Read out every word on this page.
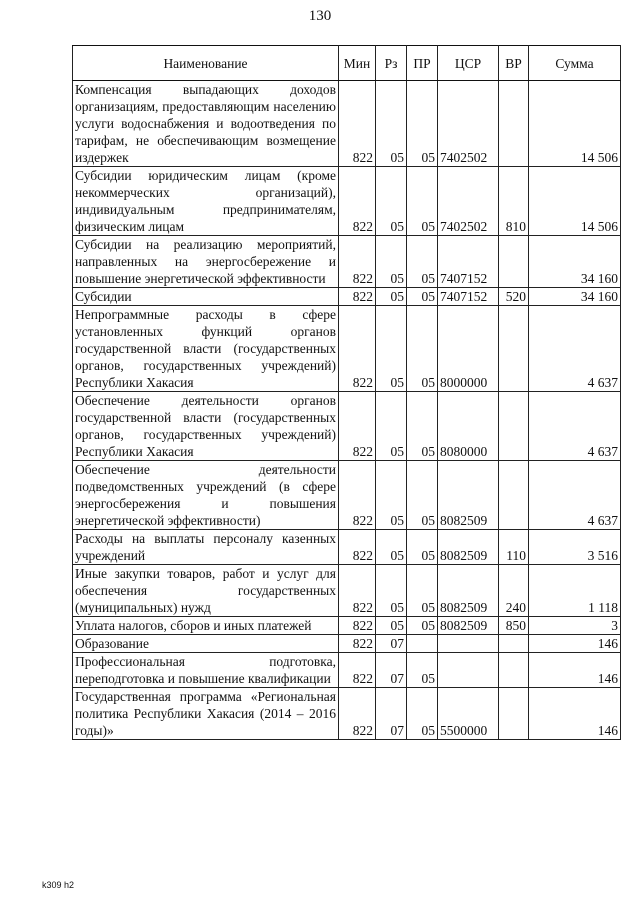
130
Наименование	Мин	Рз	ПР	ЦСР	ВР	Сумма
Компенсация выпадающих доходов организациям, предоставляющим населению услуги водоснабжения и водоотведения по тарифам, не обеспечивающим возмещение издержек	822	05	05	7402502		14 506
Субсидии юридическим лицам (кроме некоммерческих организаций), индивидуальным предпринимателям, физическим лицам	822	05	05	7402502	810	14 506
Субсидии на реализацию мероприятий, направленных на энергосбережение и повышение энергетической эффективности	822	05	05	7407152		34 160
Субсидии	822	05	05	7407152	520	34 160
Непрограммные расходы в сфере установленных функций органов государственной власти (государственных органов, государственных учреждений) Республики Хакасия	822	05	05	8000000		4 637
Обеспечение деятельности органов государственной власти (государственных органов, государственных учреждений) Республики Хакасия	822	05	05	8080000		4 637
Обеспечение деятельности подведомственных учреждений (в сфере энергосбережения и повышения энергетической эффективности)	822	05	05	8082509		4 637
Расходы на выплаты персоналу казенных учреждений	822	05	05	8082509	110	3 516
Иные закупки товаров, работ и услуг для обеспечения государственных (муниципальных) нужд	822	05	05	8082509	240	1 118
Уплата налогов, сборов и иных платежей	822	05	05	8082509	850	3
Образование	822	07				146
Профессиональная подготовка, переподготовка и повышение квалификации	822	07	05			146
Государственная программа «Региональная политика Республики Хакасия (2014 – 2016 годы)»	822	07	05	5500000		146
k309 h2
